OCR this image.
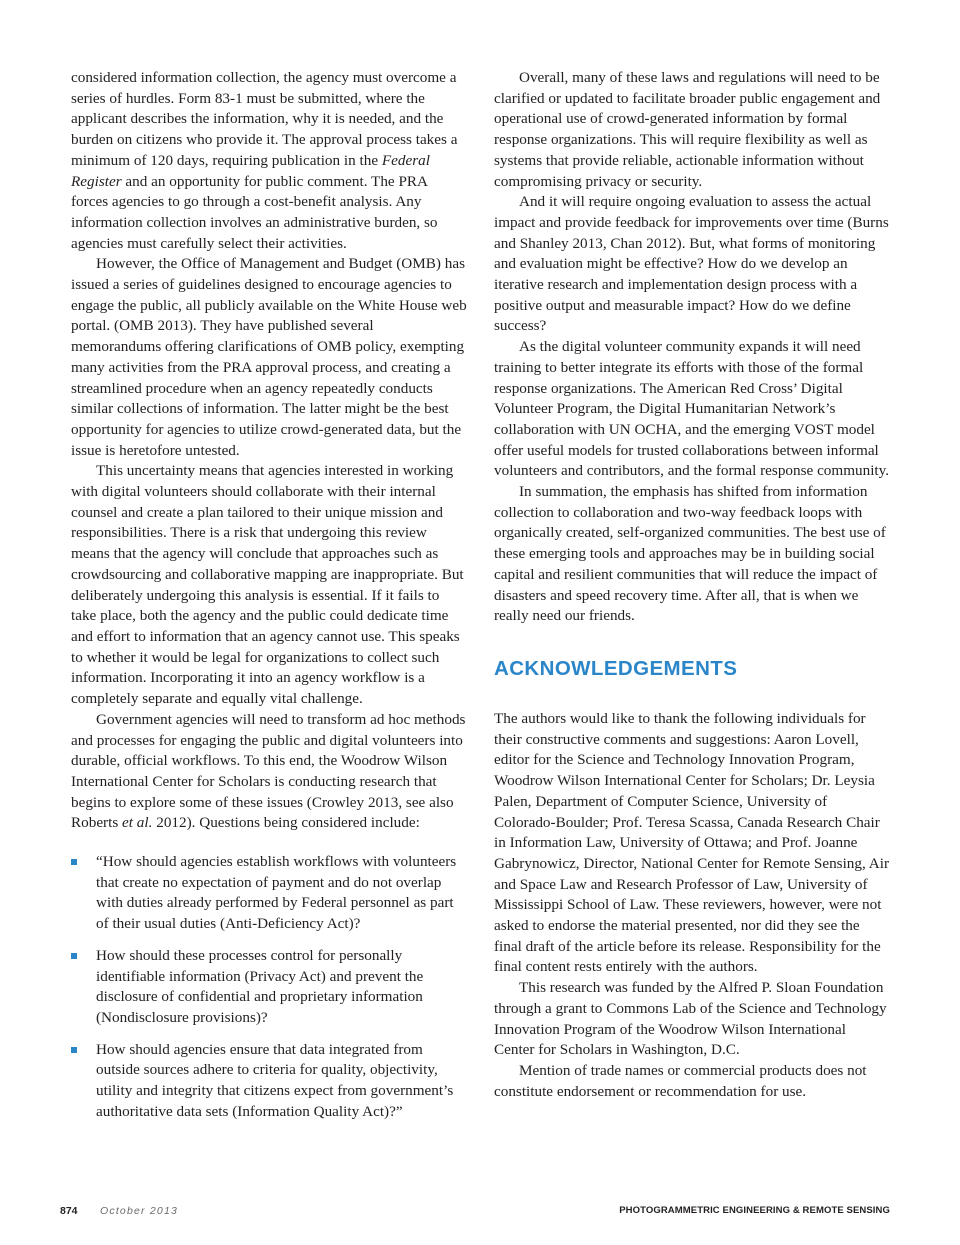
considered information collection, the agency must overcome a series of hurdles. Form 83-1 must be submitted, where the applicant describes the information, why it is needed, and the burden on citizens who provide it. The approval process takes a minimum of 120 days, requiring publication in the Federal Register and an opportunity for public comment. The PRA forces agencies to go through a cost-benefit analysis. Any information collection involves an administrative burden, so agencies must carefully select their activities.

However, the Office of Management and Budget (OMB) has issued a series of guidelines designed to encourage agencies to engage the public, all publicly available on the White House web portal. (OMB 2013). They have published several memorandums offering clarifications of OMB policy, exempting many activities from the PRA approval process, and creating a streamlined procedure when an agency repeatedly conducts similar collections of information. The latter might be the best opportunity for agencies to utilize crowd-generated data, but the issue is heretofore untested.

This uncertainty means that agencies interested in working with digital volunteers should collaborate with their internal counsel and create a plan tailored to their unique mission and responsibilities. There is a risk that undergoing this review means that the agency will conclude that approaches such as crowdsourcing and collaborative mapping are inappropriate. But deliberately undergoing this analysis is essential. If it fails to take place, both the agency and the public could dedicate time and effort to information that an agency cannot use. This speaks to whether it would be legal for organizations to collect such information. Incorporating it into an agency workflow is a completely separate and equally vital challenge.

Government agencies will need to transform ad hoc methods and processes for engaging the public and digital volunteers into durable, official workflows. To this end, the Woodrow Wilson International Center for Scholars is conducting research that begins to explore some of these issues (Crowley 2013, see also Roberts et al. 2012). Questions being considered include:

“How should agencies establish workflows with volunteers that create no expectation of payment and do not overlap with duties already performed by Federal personnel as part of their usual duties (Anti-Deficiency Act)?
How should these processes control for personally identifiable information (Privacy Act) and prevent the disclosure of confidential and proprietary information (Nondisclosure provisions)?
How should agencies ensure that data integrated from outside sources adhere to criteria for quality, objectivity, utility and integrity that citizens expect from government’s authoritative data sets (Information Quality Act)?”

Overall, many of these laws and regulations will need to be clarified or updated to facilitate broader public engagement and operational use of crowd-generated information by formal response organizations. This will require flexibility as well as systems that provide reliable, actionable information without compromising privacy or security.

And it will require ongoing evaluation to assess the actual impact and provide feedback for improvements over time (Burns and Shanley 2013, Chan 2012). But, what forms of monitoring and evaluation might be effective? How do we develop an iterative research and implementation design process with a positive output and measurable impact? How do we define success?

As the digital volunteer community expands it will need training to better integrate its efforts with those of the formal response organizations. The American Red Cross’ Digital Volunteer Program, the Digital Humanitarian Network’s collaboration with UN OCHA, and the emerging VOST model offer useful models for trusted collaborations between informal volunteers and contributors, and the formal response community.

In summation, the emphasis has shifted from information collection to collaboration and two-way feedback loops with organically created, self-organized communities. The best use of these emerging tools and approaches may be in building social capital and resilient communities that will reduce the impact of disasters and speed recovery time. After all, that is when we really need our friends.

ACKNOWLEDGEMENTS

The authors would like to thank the following individuals for their constructive comments and suggestions: Aaron Lovell, editor for the Science and Technology Innovation Program, Woodrow Wilson International Center for Scholars; Dr. Leysia Palen, Department of Computer Science, University of Colorado-Boulder; Prof. Teresa Scassa, Canada Research Chair in Information Law, University of Ottawa; and Prof. Joanne Gabrynowicz, Director, National Center for Remote Sensing, Air and Space Law and Research Professor of Law, University of Mississippi School of Law. These reviewers, however, were not asked to endorse the material presented, nor did they see the final draft of the article before its release. Responsibility for the final content rests entirely with the authors.

This research was funded by the Alfred P. Sloan Foundation through a grant to Commons Lab of the Science and Technology Innovation Program of the Woodrow Wilson International Center for Scholars in Washington, D.C.

Mention of trade names or commercial products does not constitute endorsement or recommendation for use.

874 October 2013	PHOTOGRAMMETRIC ENGINEERING & REMOTE SENSING
